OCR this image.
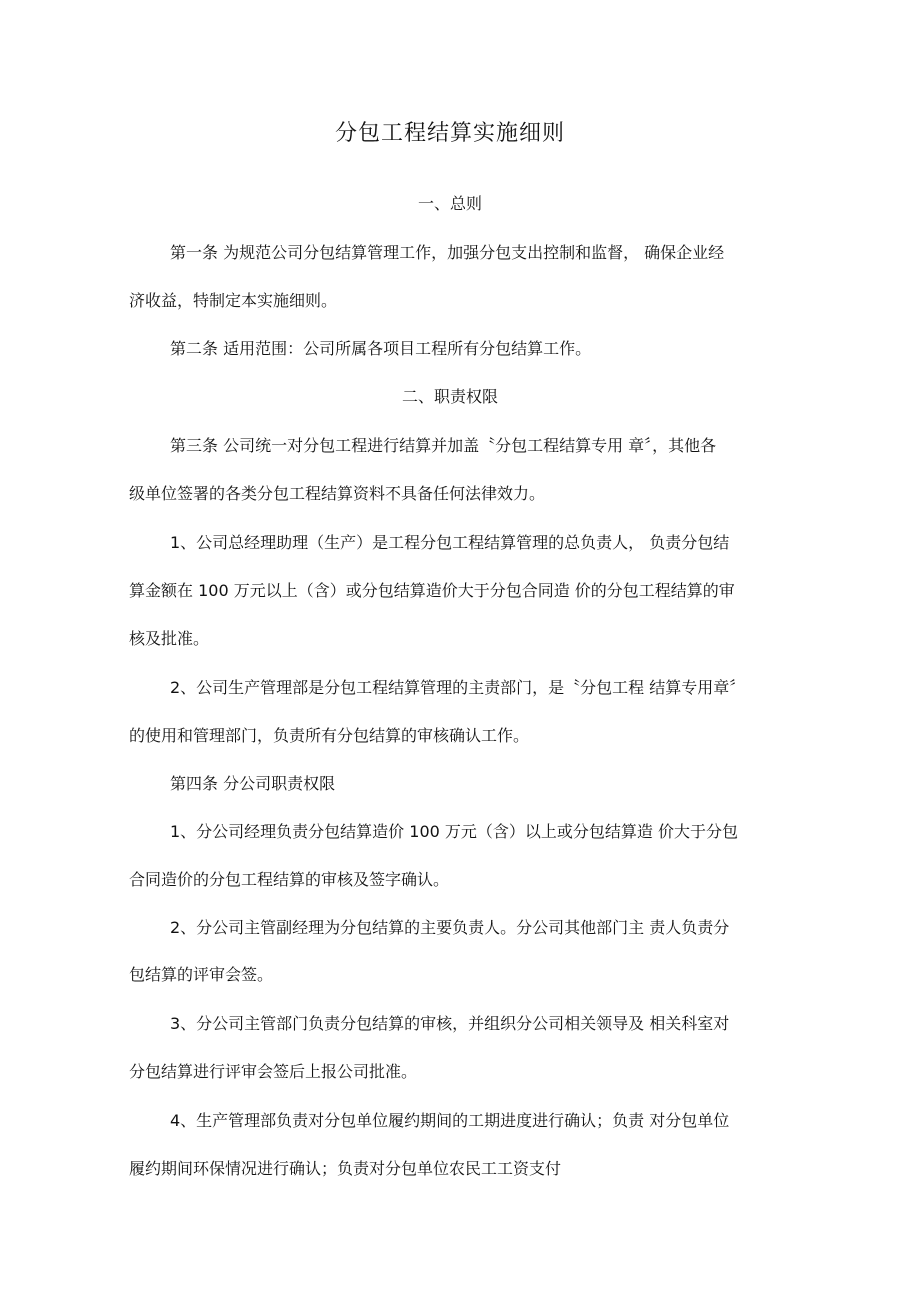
分包工程结算实施细则
一、总则
第一条 为规范公司分包结算管理工作，加强分包支出控制和监督， 确保企业经
济收益，特制定本实施细则。
第二条 适用范围：公司所属各项目工程所有分包结算工作。
二、职责权限
第三条 公司统一对分包工程进行结算并加盖〝分包工程结算专用 章〞，其他各
级单位签署的各类分包工程结算资料不具备任何法律效力。
1、公司总经理助理（生产）是工程分包工程结算管理的总负责人， 负责分包结
算金额在 100 万元以上（含）或分包结算造价大于分包合同造 价的分包工程结算的审
核及批准。
2、公司生产管理部是分包工程结算管理的主责部门，是〝分包工程 结算专用章〞
的使用和管理部门，负责所有分包结算的审核确认工作。
第四条 分公司职责权限
1、分公司经理负责分包结算造价 100 万元（含）以上或分包结算造 价大于分包
合同造价的分包工程结算的审核及签字确认。
2、分公司主管副经理为分包结算的主要负责人。分公司其他部门主 责人负责分
包结算的评审会签。
3、分公司主管部门负责分包结算的审核，并组织分公司相关领导及 相关科室对
分包结算进行评审会签后上报公司批准。
4、生产管理部负责对分包单位履约期间的工期进度进行确认；负责 对分包单位
履约期间环保情况进行确认；负责对分包单位农民工工资支付
